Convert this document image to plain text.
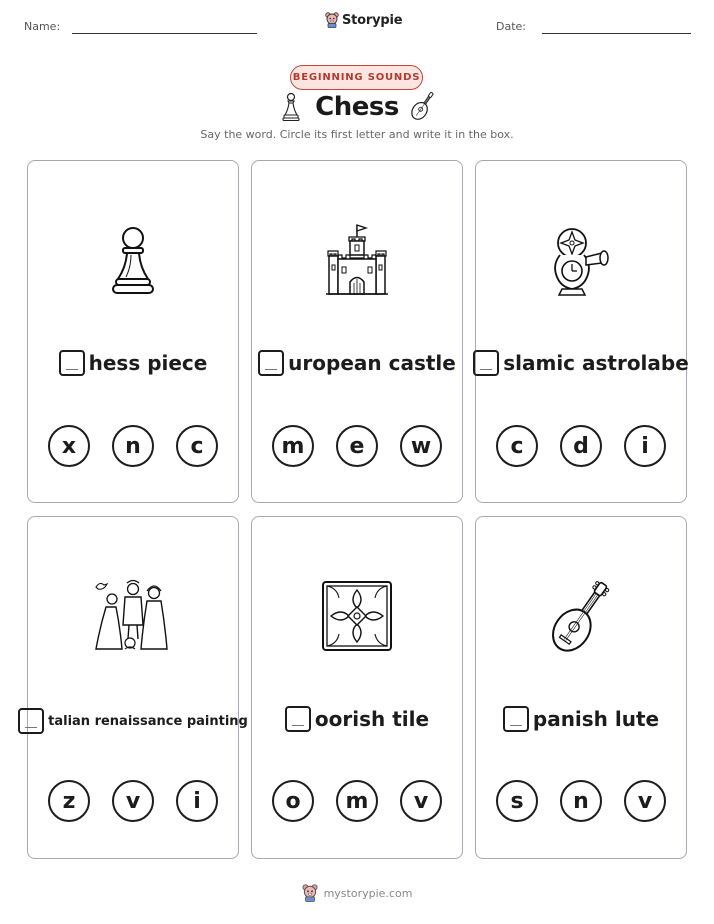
Name:	Storypie	Date:
BEGINNING SOUNDS
Chess
Say the word. Circle its first letter and write it in the box.
hess piece
x	n	c
uropean castle
m	e	w
slamic astrolabe
c	d	i
talian renaissance painting
z	v	i
oorish tile
o	m	v
panish lute
s	n	v
mystorypie.com
